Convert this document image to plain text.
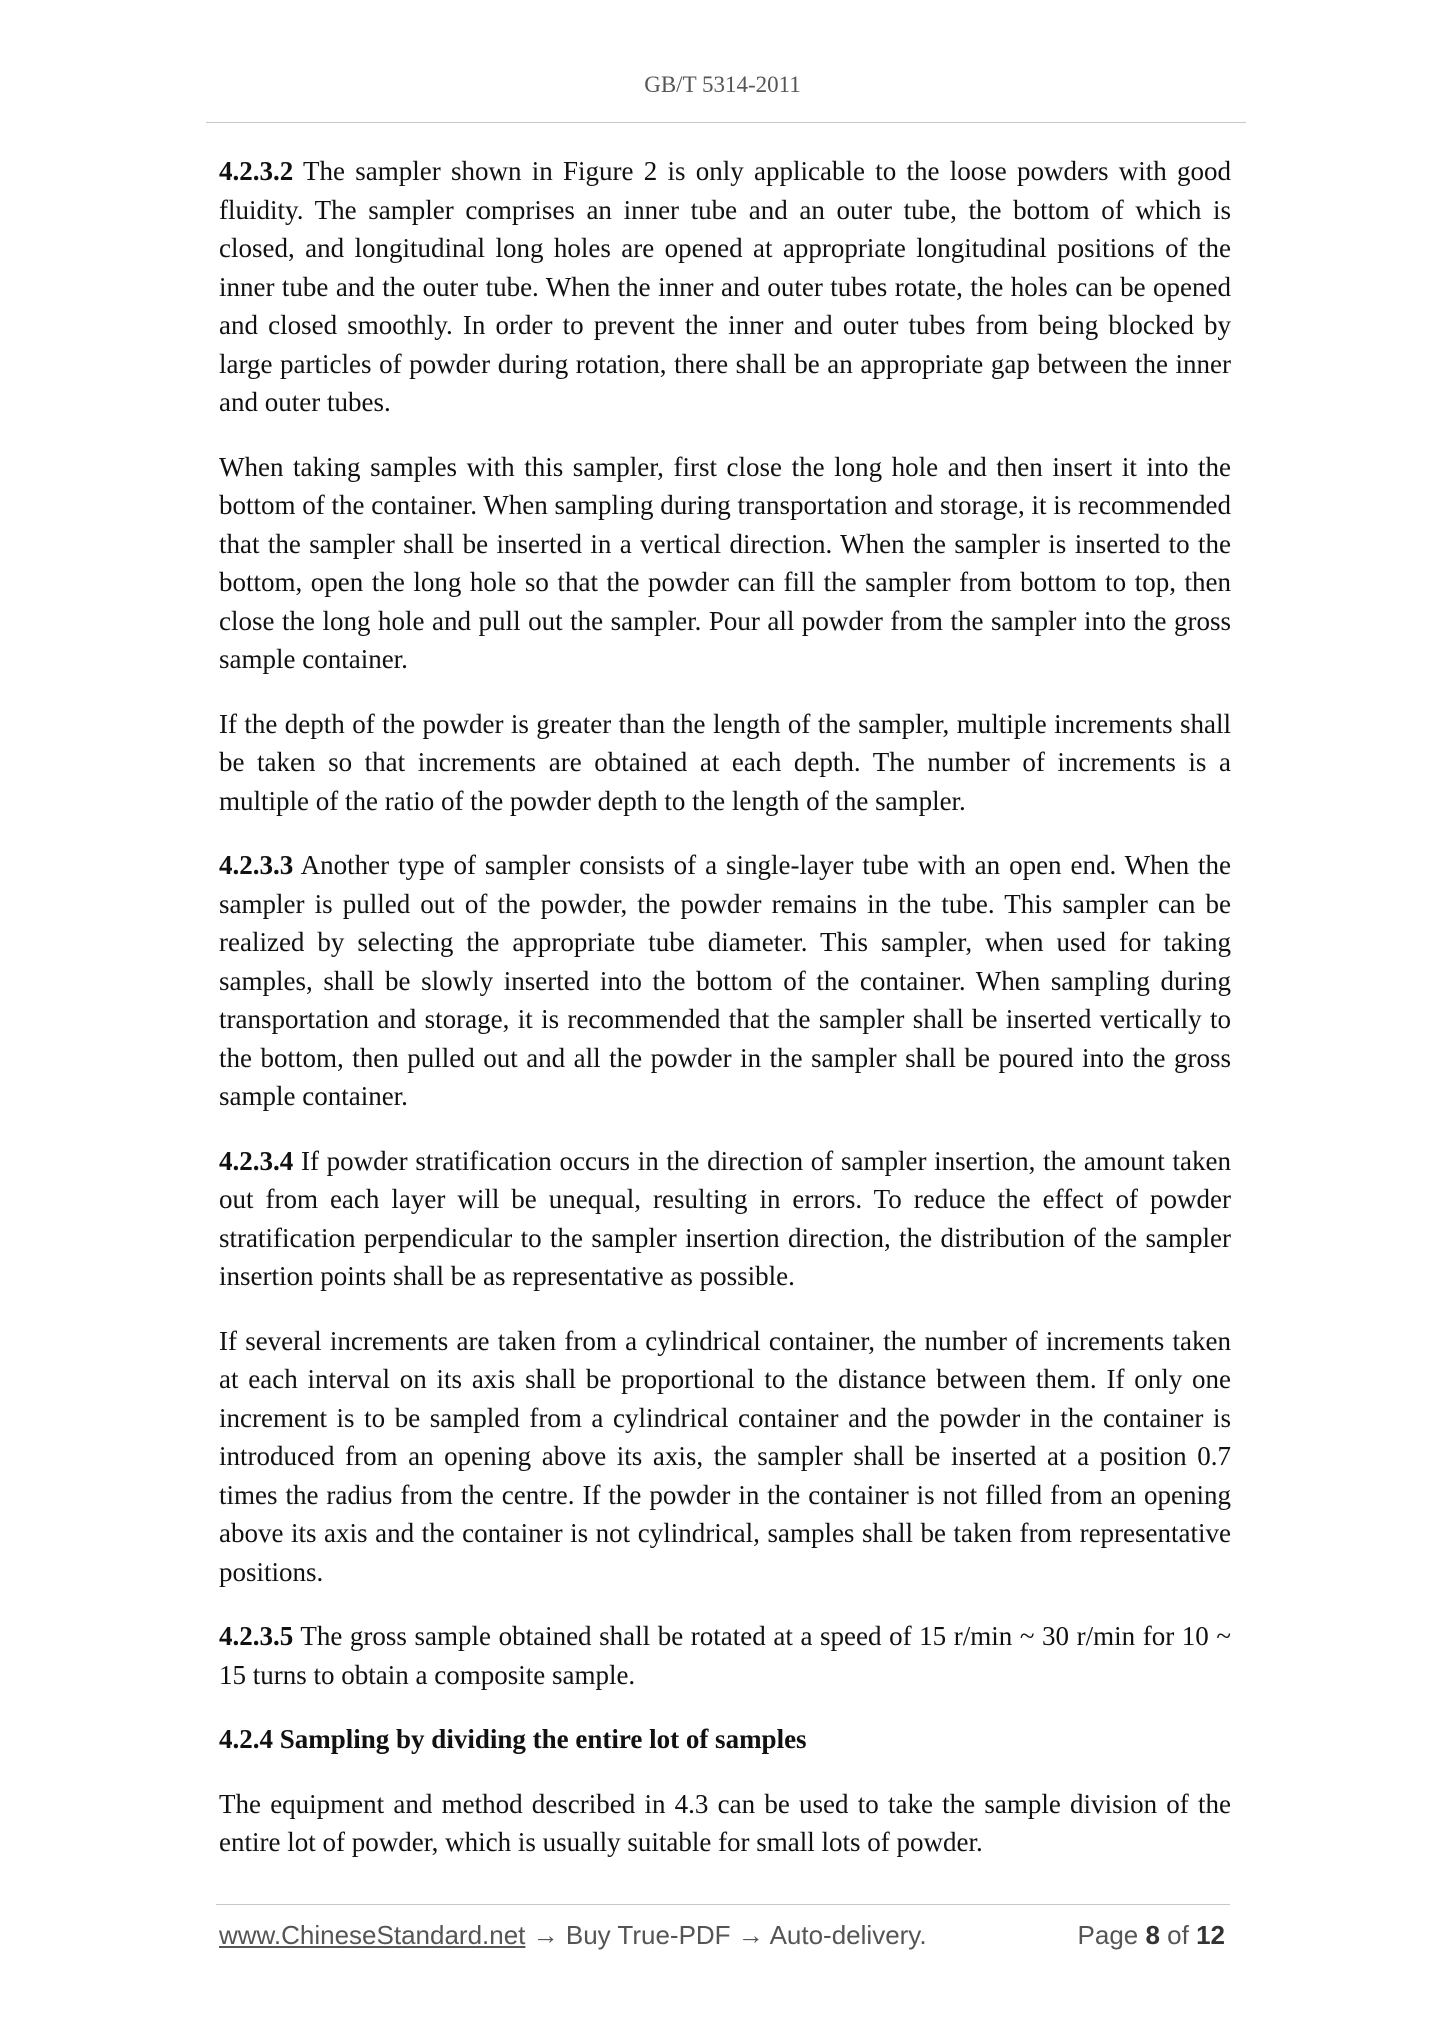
GB/T 5314-2011

4.2.3.2 The sampler shown in Figure 2 is only applicable to the loose powders with good fluidity. The sampler comprises an inner tube and an outer tube, the bottom of which is closed, and longitudinal long holes are opened at appropriate longitudinal positions of the inner tube and the outer tube. When the inner and outer tubes rotate, the holes can be opened and closed smoothly. In order to prevent the inner and outer tubes from being blocked by large particles of powder during rotation, there shall be an appropriate gap between the inner and outer tubes.

When taking samples with this sampler, first close the long hole and then insert it into the bottom of the container. When sampling during transportation and storage, it is recommended that the sampler shall be inserted in a vertical direction. When the sampler is inserted to the bottom, open the long hole so that the powder can fill the sampler from bottom to top, then close the long hole and pull out the sampler. Pour all powder from the sampler into the gross sample container.

If the depth of the powder is greater than the length of the sampler, multiple increments shall be taken so that increments are obtained at each depth. The number of increments is a multiple of the ratio of the powder depth to the length of the sampler.

4.2.3.3 Another type of sampler consists of a single-layer tube with an open end. When the sampler is pulled out of the powder, the powder remains in the tube. This sampler can be realized by selecting the appropriate tube diameter. This sampler, when used for taking samples, shall be slowly inserted into the bottom of the container. When sampling during transportation and storage, it is recommended that the sampler shall be inserted vertically to the bottom, then pulled out and all the powder in the sampler shall be poured into the gross sample container.

4.2.3.4 If powder stratification occurs in the direction of sampler insertion, the amount taken out from each layer will be unequal, resulting in errors. To reduce the effect of powder stratification perpendicular to the sampler insertion direction, the distribution of the sampler insertion points shall be as representative as possible.

If several increments are taken from a cylindrical container, the number of increments taken at each interval on its axis shall be proportional to the distance between them. If only one increment is to be sampled from a cylindrical container and the powder in the container is introduced from an opening above its axis, the sampler shall be inserted at a position 0.7 times the radius from the centre. If the powder in the container is not filled from an opening above its axis and the container is not cylindrical, samples shall be taken from representative positions.

4.2.3.5 The gross sample obtained shall be rotated at a speed of 15 r/min ~ 30 r/min for 10 ~ 15 turns to obtain a composite sample.

4.2.4 Sampling by dividing the entire lot of samples

The equipment and method described in 4.3 can be used to take the sample division of the entire lot of powder, which is usually suitable for small lots of powder.

www.ChineseStandard.net → Buy True-PDF → Auto-delivery.	Page 8 of 12
